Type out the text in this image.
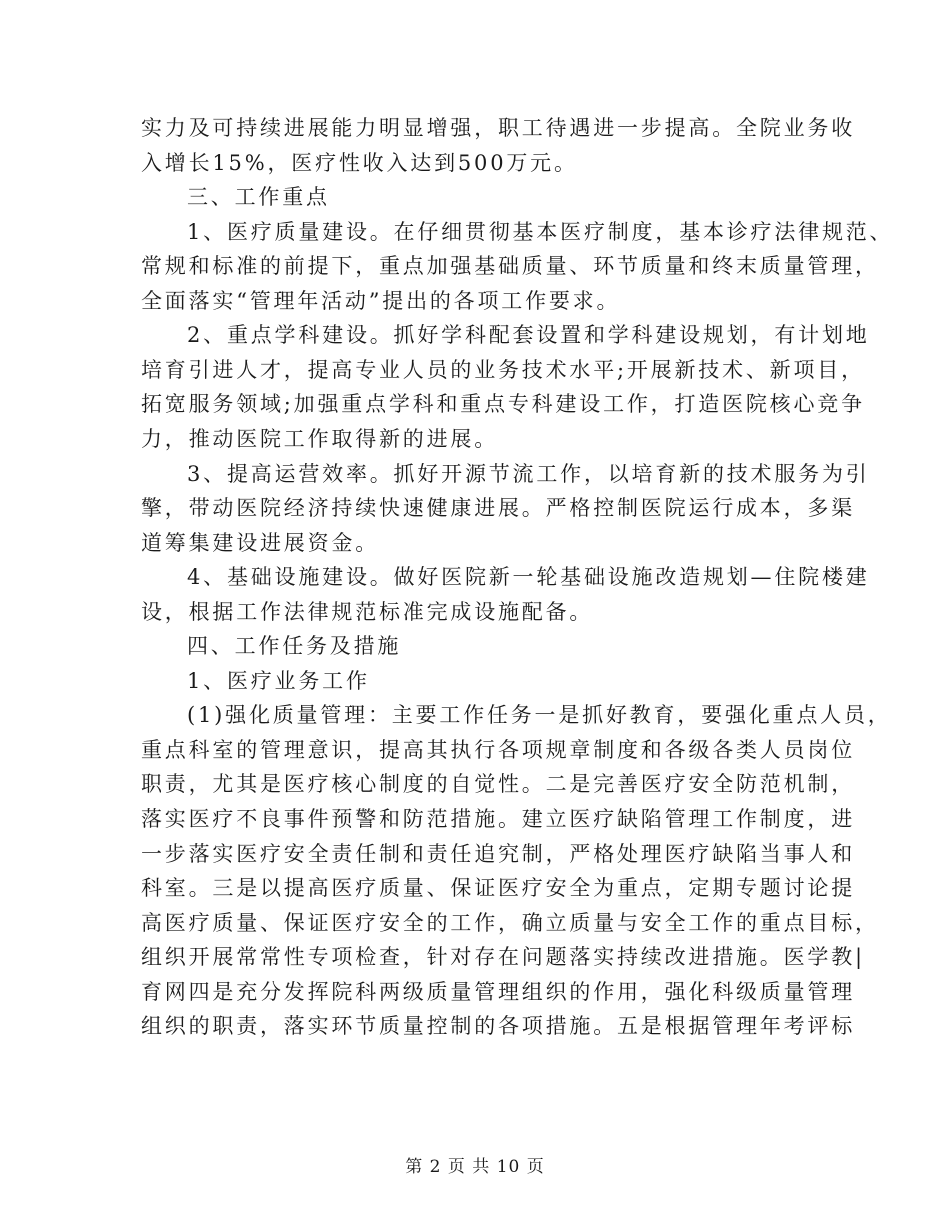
实力及可持续进展能力明显增强，职工待遇进一步提高。全院业务收
入增长15%，医疗性收入达到500万元。
三、工作重点
1、医疗质量建设。在仔细贯彻基本医疗制度，基本诊疗法律规范、
常规和标准的前提下，重点加强基础质量、环节质量和终末质量管理，
全面落实“管理年活动”提出的各项工作要求。
2、重点学科建设。抓好学科配套设置和学科建设规划，有计划地
培育引进人才，提高专业人员的业务技术水平;开展新技术、新项目，
拓宽服务领域;加强重点学科和重点专科建设工作，打造医院核心竞争
力，推动医院工作取得新的进展。
3、提高运营效率。抓好开源节流工作，以培育新的技术服务为引
擎，带动医院经济持续快速健康进展。严格控制医院运行成本，多渠
道筹集建设进展资金。
4、基础设施建设。做好医院新一轮基础设施改造规划—住院楼建
设，根据工作法律规范标准完成设施配备。
四、工作任务及措施
1、医疗业务工作
(1)强化质量管理：主要工作任务一是抓好教育，要强化重点人员，
重点科室的管理意识，提高其执行各项规章制度和各级各类人员岗位
职责，尤其是医疗核心制度的自觉性。二是完善医疗安全防范机制，
落实医疗不良事件预警和防范措施。建立医疗缺陷管理工作制度，进
一步落实医疗安全责任制和责任追究制，严格处理医疗缺陷当事人和
科室。三是以提高医疗质量、保证医疗安全为重点，定期专题讨论提
高医疗质量、保证医疗安全的工作，确立质量与安全工作的重点目标，
组织开展常常性专项检查，针对存在问题落实持续改进措施。医学教|
育网四是充分发挥院科两级质量管理组织的作用，强化科级质量管理
组织的职责，落实环节质量控制的各项措施。五是根据管理年考评标
第 2 页 共 10 页
